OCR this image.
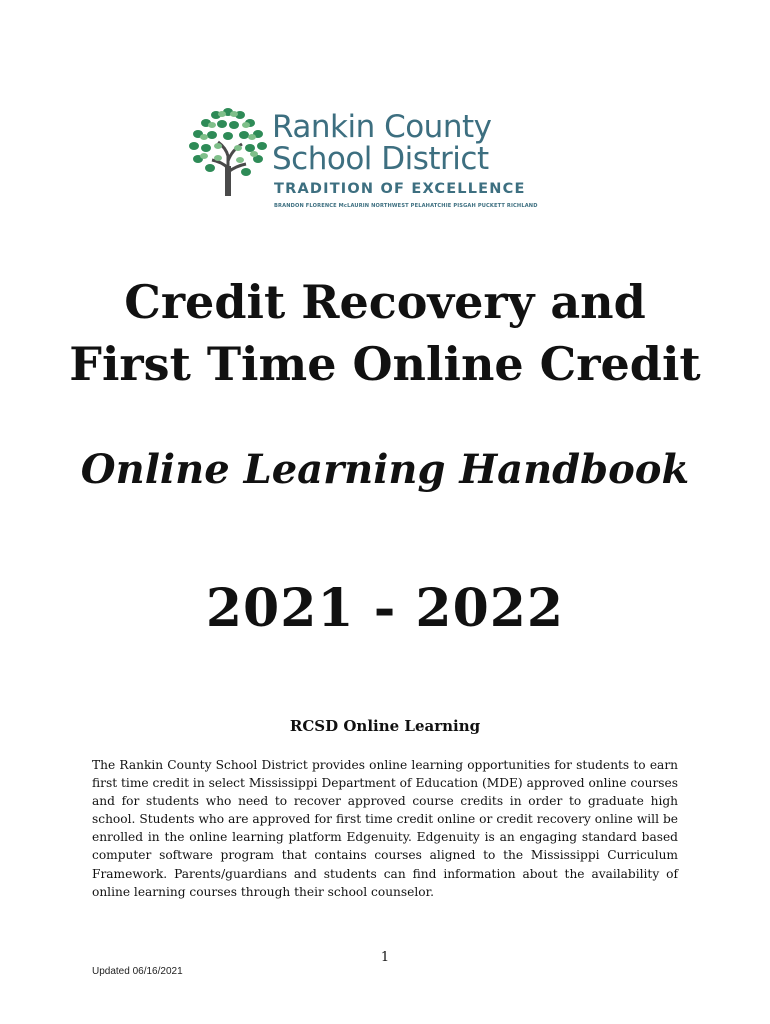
Rankin County
School District
TRADITION OF EXCELLENCE
BRANDON FLORENCE McLAURIN NORTHWEST PELAHATCHIE PISGAH PUCKETT RICHLAND
Credit Recovery and
First Time Online Credit
Online Learning Handbook
2021 - 2022
RCSD Online Learning

The Rankin County School District provides online learning opportunities for students to earn first time credit in select Mississippi Department of Education (MDE) approved online courses and for students who need to recover approved course credits in order to graduate high school. Students who are approved for first time credit online or credit recovery online will be enrolled in the online learning platform Edgenuity. Edgenuity is an engaging standard based computer software program that contains courses aligned to the Mississippi Curriculum Framework. Parents/guardians and students can find information about the availability of online learning courses through their school counselor.

1
Updated 06/16/2021
